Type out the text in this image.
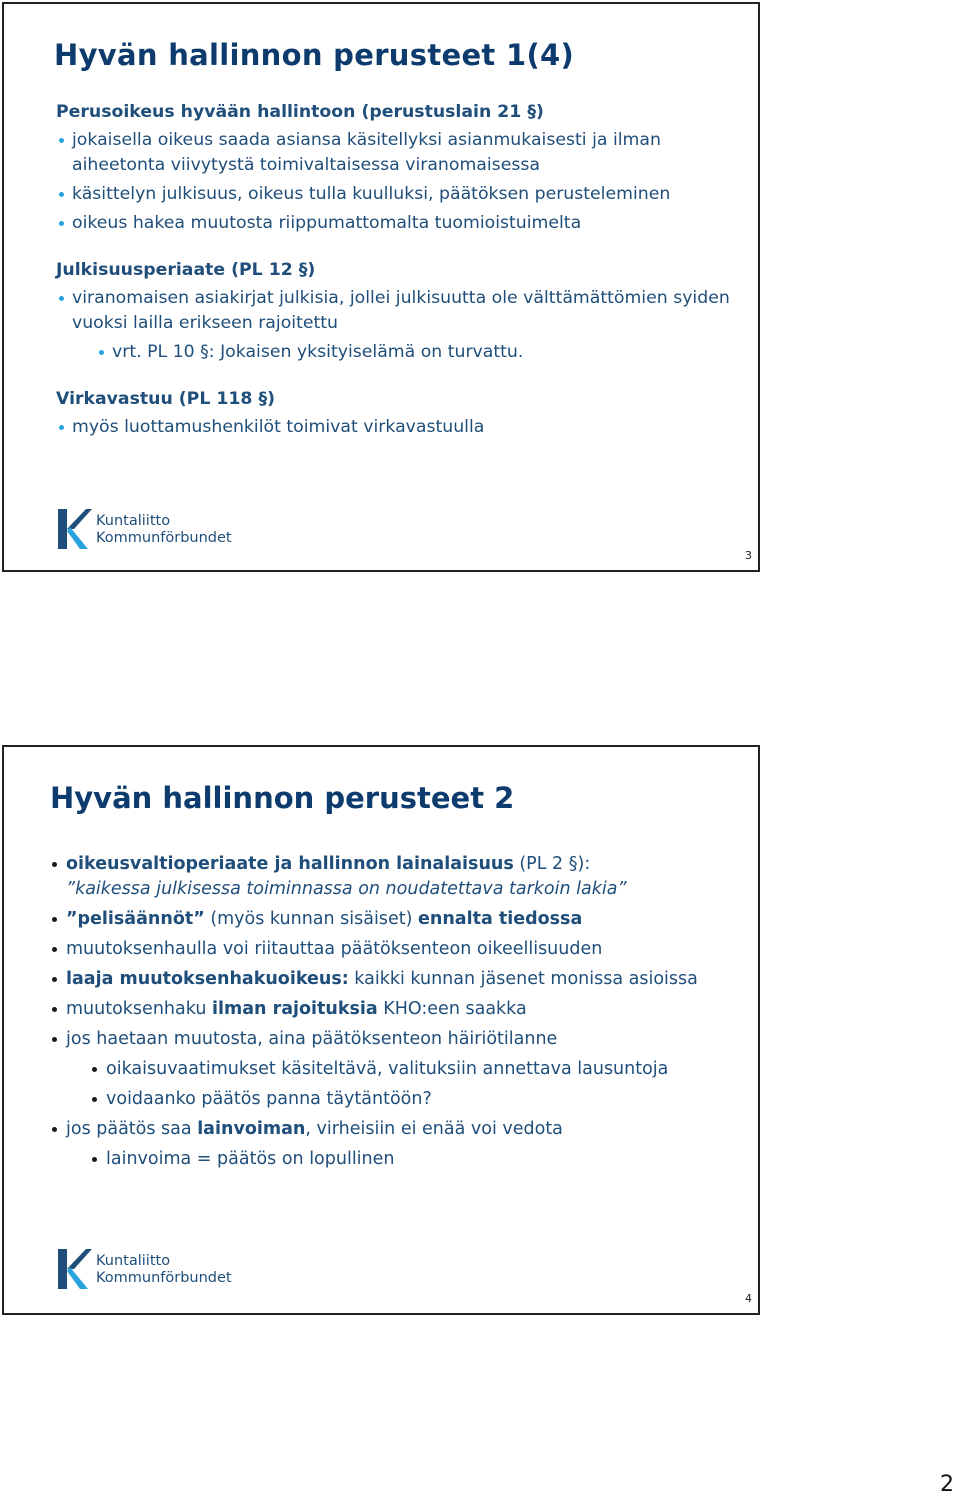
Hyvän hallinnon perusteet 1(4)
Perusoikeus hyvään hallintoon (perustuslain 21 §)
jokaisella oikeus saada asiansa käsitellyksi asianmukaisesti ja ilman aiheetonta viivytystä toimivaltaisessa viranomaisessa
käsittelyn julkisuus, oikeus tulla kuulluksi, päätöksen perusteleminen
oikeus hakea muutosta riippumattomalta tuomioistuimelta
Julkisuusperiaate (PL 12 §)
viranomaisen asiakirjat julkisia, jollei julkisuutta ole välttämättömien syiden vuoksi lailla erikseen rajoitettu
vrt. PL 10 §: Jokaisen yksityiselämä on turvattu.
Virkavastuu (PL 118 §)
myös luottamushenkilöt toimivat virkavastuulla
Kuntaliitto
Kommunförbundet
3
Hyvän hallinnon perusteet 2
oikeusvaltioperiaate ja hallinnon lainalaisuus (PL 2 §):
”kaikessa julkisessa toiminnassa on noudatettava tarkoin lakia”
”pelisäännöt” (myös kunnan sisäiset) ennalta tiedossa
muutoksenhaulla voi riitauttaa päätöksenteon oikeellisuuden
laaja muutoksenhakuoikeus: kaikki kunnan jäsenet monissa asioissa
muutoksenhaku ilman rajoituksia KHO:een saakka
jos haetaan muutosta, aina päätöksenteon häiriötilanne
oikaisuvaatimukset käsiteltävä, valituksiin annettava lausuntoja
voidaanko päätös panna täytäntöön?
jos päätös saa lainvoiman, virheisiin ei enää voi vedota
lainvoima = päätös on lopullinen
Kuntaliitto
Kommunförbundet
4
2
